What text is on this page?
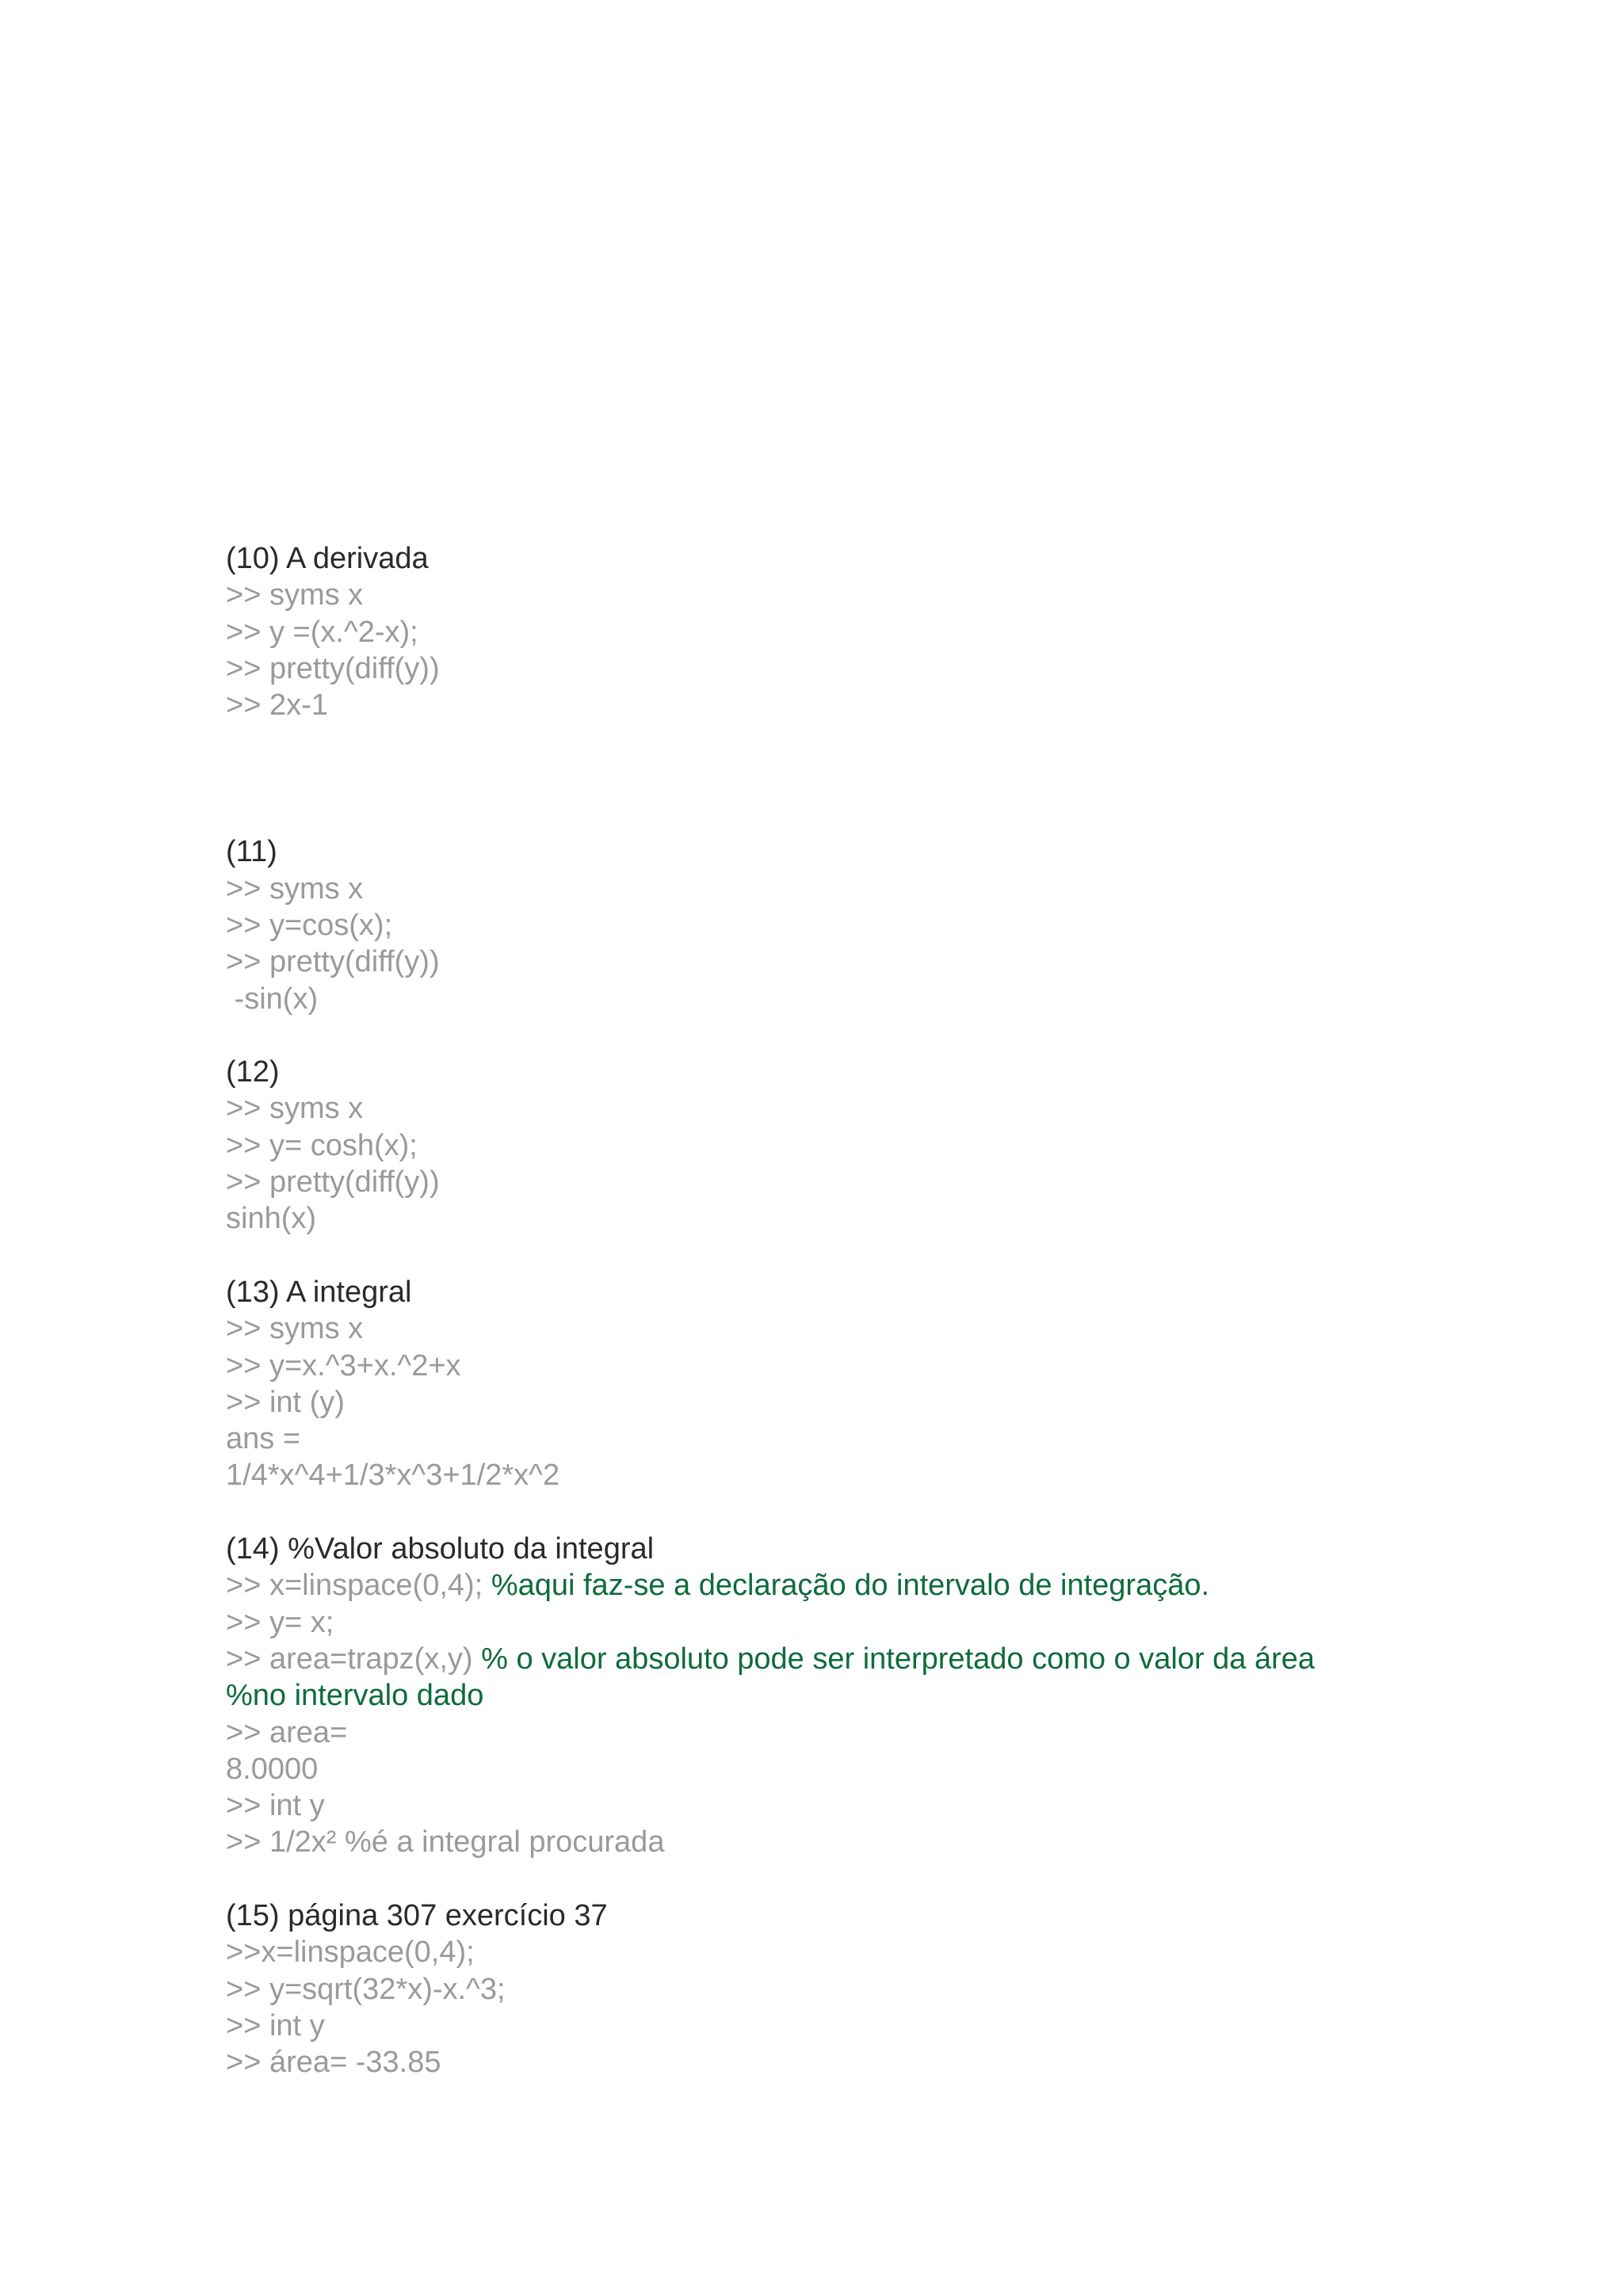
(10) A derivada
>> syms x
>> y =(x.^2-x);
>> pretty(diff(y))
>> 2x-1
(11)
>> syms x
>> y=cos(x);
>> pretty(diff(y))
-sin(x)
(12)
>> syms x
>> y= cosh(x);
>> pretty(diff(y))
sinh(x)
(13) A integral
>> syms x
>> y=x.^3+x.^2+x
>> int (y)
ans =
1/4*x^4+1/3*x^3+1/2*x^2
(14) %Valor absoluto da integral
>> x=linspace(0,4); %aqui faz-se a declaração do intervalo de integração.
>> y= x;
>> area=trapz(x,y) % o valor absoluto pode ser interpretado como o valor da área
%no intervalo dado
>> area=
8.0000
>> int y
>> 1/2x² %é a integral procurada
(15) página 307 exercício 37
>>x=linspace(0,4);
>> y=sqrt(32*x)-x.^3;
>> int y
>> área= -33.85
